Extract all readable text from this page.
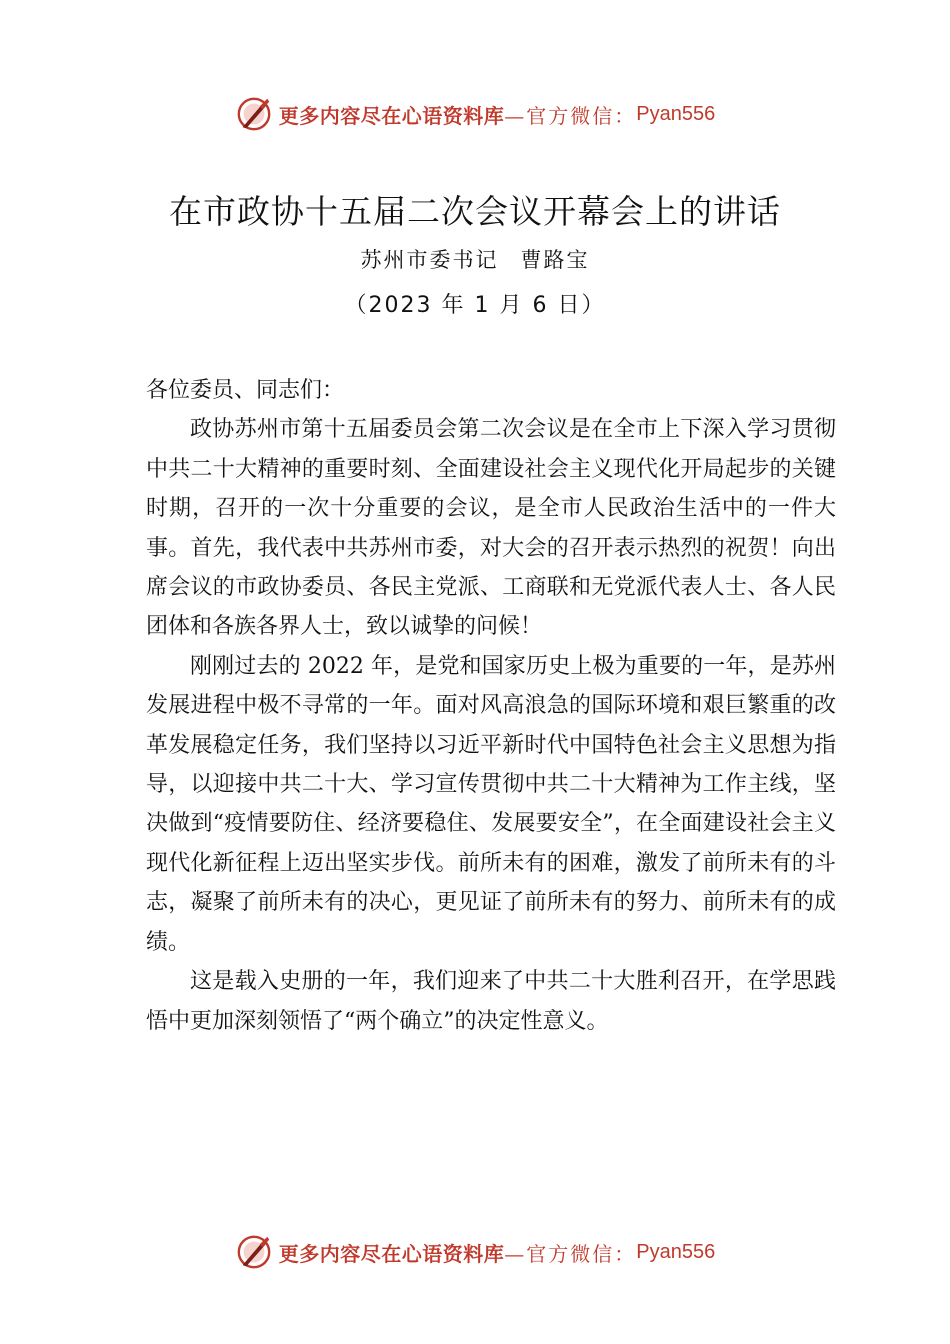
更多内容尽在心语资料库 —官方微信： Pyan556
在市政协十五届二次会议开幕会上的讲话
苏州市委书记 曹路宝
（2023 年 1 月 6 日）

各位委员、同志们：

政协苏州市第十五届委员会第二次会议是在全市上下深入学习贯彻中共二十大精神的重要时刻、全面建设社会主义现代化开局起步的关键时期，召开的一次十分重要的会议，是全市人民政治生活中的一件大事。首先，我代表中共苏州市委，对大会的召开表示热烈的祝贺！向出席会议的市政协委员、各民主党派、工商联和无党派代表人士、各人民团体和各族各界人士，致以诚挚的问候！

刚刚过去的 2022 年，是党和国家历史上极为重要的一年，是苏州发展进程中极不寻常的一年。面对风高浪急的国际环境和艰巨繁重的改革发展稳定任务，我们坚持以习近平新时代中国特色社会主义思想为指导，以迎接中共二十大、学习宣传贯彻中共二十大精神为工作主线，坚决做到“疫情要防住、经济要稳住、发展要安全”，在全面建设社会主义现代化新征程上迈出坚实步伐。前所未有的困难，激发了前所未有的斗志，凝聚了前所未有的决心，更见证了前所未有的努力、前所未有的成绩。

这是载入史册的一年，我们迎来了中共二十大胜利召开，在学思践悟中更加深刻领悟了“两个确立”的决定性意义。

更多内容尽在心语资料库 —官方微信： Pyan556
